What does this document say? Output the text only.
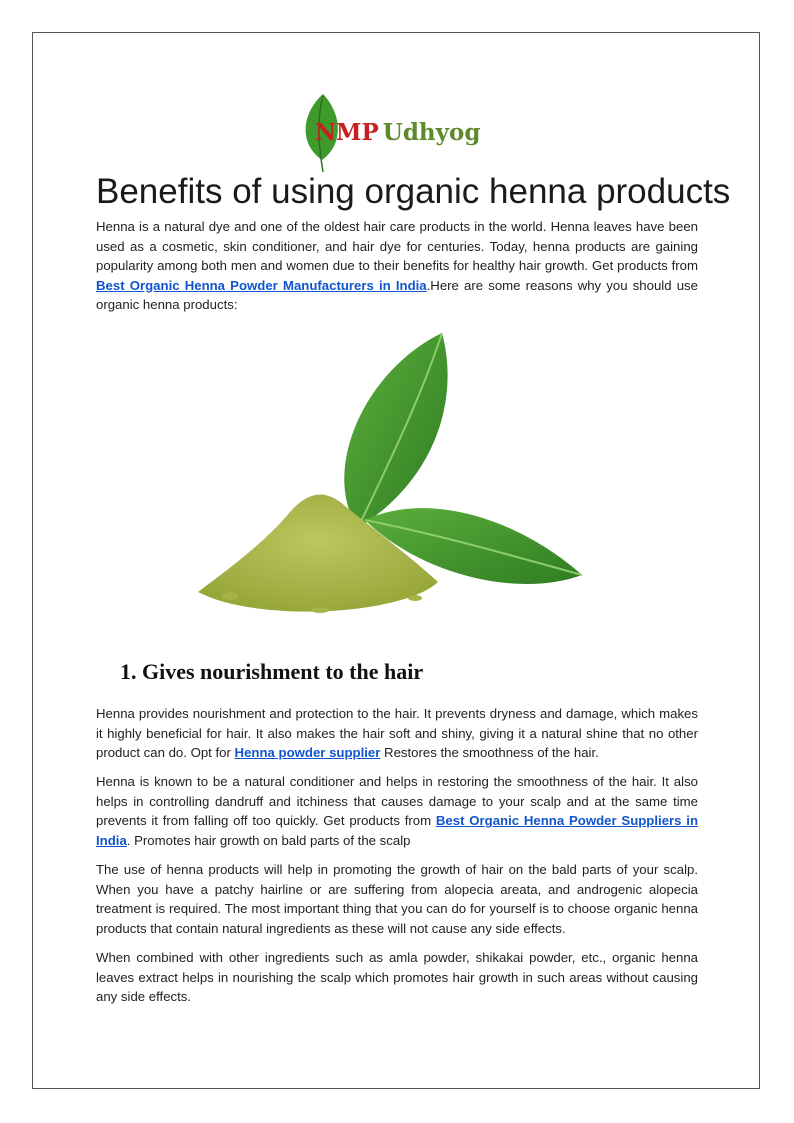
NMP Udhyog
Benefits of using organic henna products

Henna is a natural dye and one of the oldest hair care products in the world. Henna leaves have been used as a cosmetic, skin conditioner, and hair dye for centuries. Today, henna products are gaining popularity among both men and women due to their benefits for healthy hair growth. Get products from Best Organic Henna Powder Manufacturers in India.Here are some reasons why you should use organic henna products:

1. Gives nourishment to the hair

Henna provides nourishment and protection to the hair. It prevents dryness and damage, which makes it highly beneficial for hair. It also makes the hair soft and shiny, giving it a natural shine that no other product can do. Opt for Henna powder supplier Restores the smoothness of the hair.

Henna is known to be a natural conditioner and helps in restoring the smoothness of the hair. It also helps in controlling dandruff and itchiness that causes damage to your scalp and at the same time prevents it from falling off too quickly. Get products from Best Organic Henna Powder Suppliers in India. Promotes hair growth on bald parts of the scalp

The use of henna products will help in promoting the growth of hair on the bald parts of your scalp. When you have a patchy hairline or are suffering from alopecia areata, and androgenic alopecia treatment is required. The most important thing that you can do for yourself is to choose organic henna products that contain natural ingredients as these will not cause any side effects.

When combined with other ingredients such as amla powder, shikakai powder, etc., organic henna leaves extract helps in nourishing the scalp which promotes hair growth in such areas without causing any side effects.
